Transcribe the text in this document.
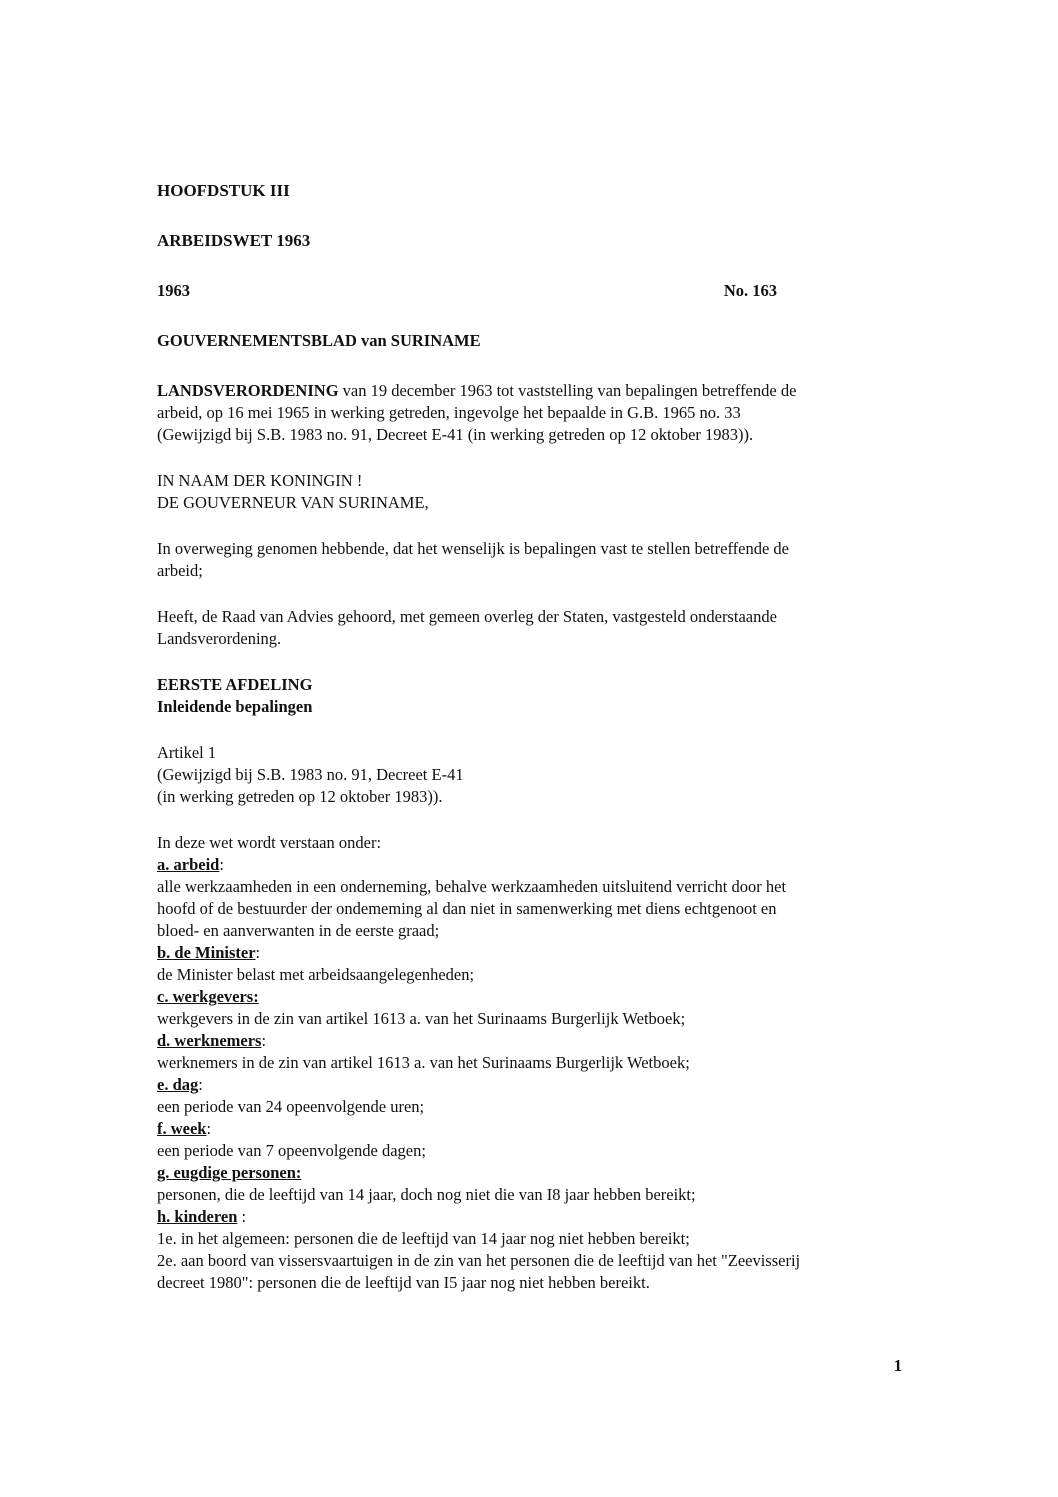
HOOFDSTUK III
ARBEIDSWET 1963
1963	No. 163
GOUVERNEMENTSBLAD van SURINAME
LANDSVERORDENING van 19 december 1963 tot vaststelling van bepalingen betreffende de
arbeid, op 16 mei 1965 in werking getreden, ingevolge het bepaalde in G.B. 1965 no. 33
(Gewijzigd bij S.B. 1983 no. 91, Decreet E-41 (in werking getreden op 12 oktober 1983)).
IN NAAM DER KONINGIN !
DE GOUVERNEUR VAN SURINAME,
In overweging genomen hebbende, dat het wenselijk is bepalingen vast te stellen betreffende de
arbeid;
Heeft, de Raad van Advies gehoord, met gemeen overleg der Staten, vastgesteld onderstaande
Landsverordening.
EERSTE AFDELING
Inleidende bepalingen
Artikel 1
(Gewijzigd bij S.B. 1983 no. 91, Decreet E-41
(in werking getreden op 12 oktober 1983)).
In deze wet wordt verstaan onder:
a. arbeid:
alle werkzaamheden in een onderneming, behalve werkzaamheden uitsluitend verricht door het
hoofd of de bestuurder der ondememing al dan niet in samenwerking met diens echtgenoot en
bloed- en aanverwanten in de eerste graad;
b. de Minister:
de Minister belast met arbeidsaangelegenheden;
c. werkgevers:
werkgevers in de zin van artikel 1613 a. van het Surinaams Burgerlijk Wetboek;
d. werknemers:
werknemers in de zin van artikel 1613 a. van het Surinaams Burgerlijk Wetboek;
e. dag:
een periode van 24 opeenvolgende uren;
f. week:
een periode van 7 opeenvolgende dagen;
g. eugdige personen:
personen, die de leeftijd van 14 jaar, doch nog niet die van I8 jaar hebben bereikt;
h. kinderen :
1e. in het algemeen: personen die de leeftijd van 14 jaar nog niet hebben bereikt;
2e. aan boord van vissersvaartuigen in de zin van het personen die de leeftijd van het "Zeevisserij
decreet 1980": personen die de leeftijd van I5 jaar nog niet hebben bereikt.
1
